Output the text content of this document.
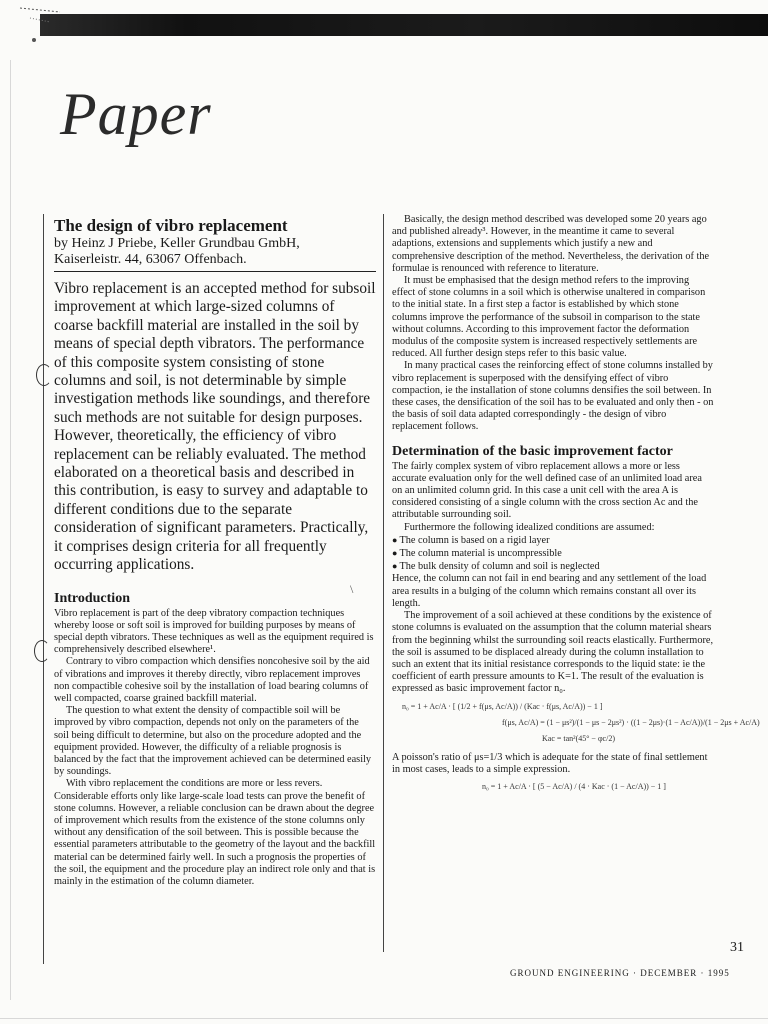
Paper
\
The design of vibro replacement
by Heinz J Priebe, Keller Grundbau GmbH,
Kaiserleistr. 44, 63067 Offenbach.

Vibro replacement is an accepted method for subsoil improvement at which large-sized columns of coarse backfill material are installed in the soil by means of special depth vibrators. The performance of this composite system consisting of stone columns and soil, is not determinable by simple investigation methods like soundings, and therefore such methods are not suitable for design purposes. However, theoretically, the efficiency of vibro replacement can be reliably evaluated. The method elaborated on a theoretical basis and described in this contribution, is easy to survey and adaptable to different conditions due to the separate consideration of significant parameters. Practically, it comprises design criteria for all frequently occurring applications.

Introduction

Vibro replacement is part of the deep vibratory compaction techniques whereby loose or soft soil is improved for building purposes by means of special depth vibrators. These techniques as well as the equipment required is comprehensively described elsewhere¹.

Contrary to vibro compaction which densifies noncohesive soil by the aid of vibrations and improves it thereby directly, vibro replacement improves non compactible cohesive soil by the installation of load bearing columns of well compacted, coarse grained backfill material.

The question to what extent the density of compactible soil will be improved by vibro compaction, depends not only on the parameters of the soil being difficult to determine, but also on the procedure adopted and the equipment provided. However, the difficulty of a reliable prognosis is balanced by the fact that the improvement achieved can be determined easily by soundings.

With vibro replacement the conditions are more or less revers. Considerable efforts only like large-scale load tests can prove the benefit of stone columns. However, a reliable conclusion can be drawn about the degree of improvement which results from the existence of the stone columns only without any densification of the soil between. This is possible because the essential parameters attributable to the geometry of the layout and the backfill material can be determined fairly well. In such a prognosis the properties of the soil, the equipment and the procedure play an indirect role only and that is mainly in the estimation of the column diameter.

Basically, the design method described was developed some 20 years ago and published already³. However, in the meantime it came to several adaptions, extensions and supplements which justify a new and comprehensive description of the method. Nevertheless, the derivation of the formulae is renounced with reference to literature.

It must be emphasised that the design method refers to the improving effect of stone columns in a soil which is otherwise unaltered in comparison to the initial state. In a first step a factor is established by which stone columns improve the performance of the subsoil in comparison to the state without columns. According to this improvement factor the deformation modulus of the composite system is increased respectively settlements are reduced. All further design steps refer to this basic value.

In many practical cases the reinforcing effect of stone columns installed by vibro replacement is superposed with the densifying effect of vibro compaction, ie the installation of stone columns densifies the soil between. In these cases, the densification of the soil has to be evaluated and only then - on the basis of soil data adapted correspondingly - the design of vibro replacement follows.

Determination of the basic improvement factor

The fairly complex system of vibro replacement allows a more or less accurate evaluation only for the well defined case of an unlimited load area on an unlimited column grid. In this case a unit cell with the area A is considered consisting of a single column with the cross section Ac and the attributable surrounding soil.

Furthermore the following idealized conditions are assumed:

● The column is based on a rigid layer
● The column material is uncompressible
● The bulk density of column and soil is neglected

Hence, the column can not fail in end bearing and any settlement of the load area results in a bulging of the column which remains constant all over its length.

The improvement of a soil achieved at these conditions by the existence of stone columns is evaluated on the assumption that the column material shears from the beginning whilst the surrounding soil reacts elastically. Furthermore, the soil is assumed to be displaced already during the column installation to such an extent that its initial resistance corresponds to the liquid state: ie the coefficient of earth pressure amounts to K=1. The result of the evaluation is expressed as basic improvement factor n₀.

n₀ = 1 + Ac/A · [ (1/2 + f(μs, Ac/A)) / (Kac · f(μs, Ac/A)) − 1 ]
f(μs, Ac/A) = (1 − μs²)/(1 − μs − 2μs²) · ((1 − 2μs)·(1 − Ac/A))/(1 − 2μs + Ac/A)
Kac = tan²(45° − φc/2)

A poisson's ratio of μs=1/3 which is adequate for the state of final settlement in most cases, leads to a simple expression.

n₀ = 1 + Ac/A · [ (5 − Ac/A) / (4 · Kac · (1 − Ac/A)) − 1 ]
31
GROUND ENGINEERING · DECEMBER · 1995
